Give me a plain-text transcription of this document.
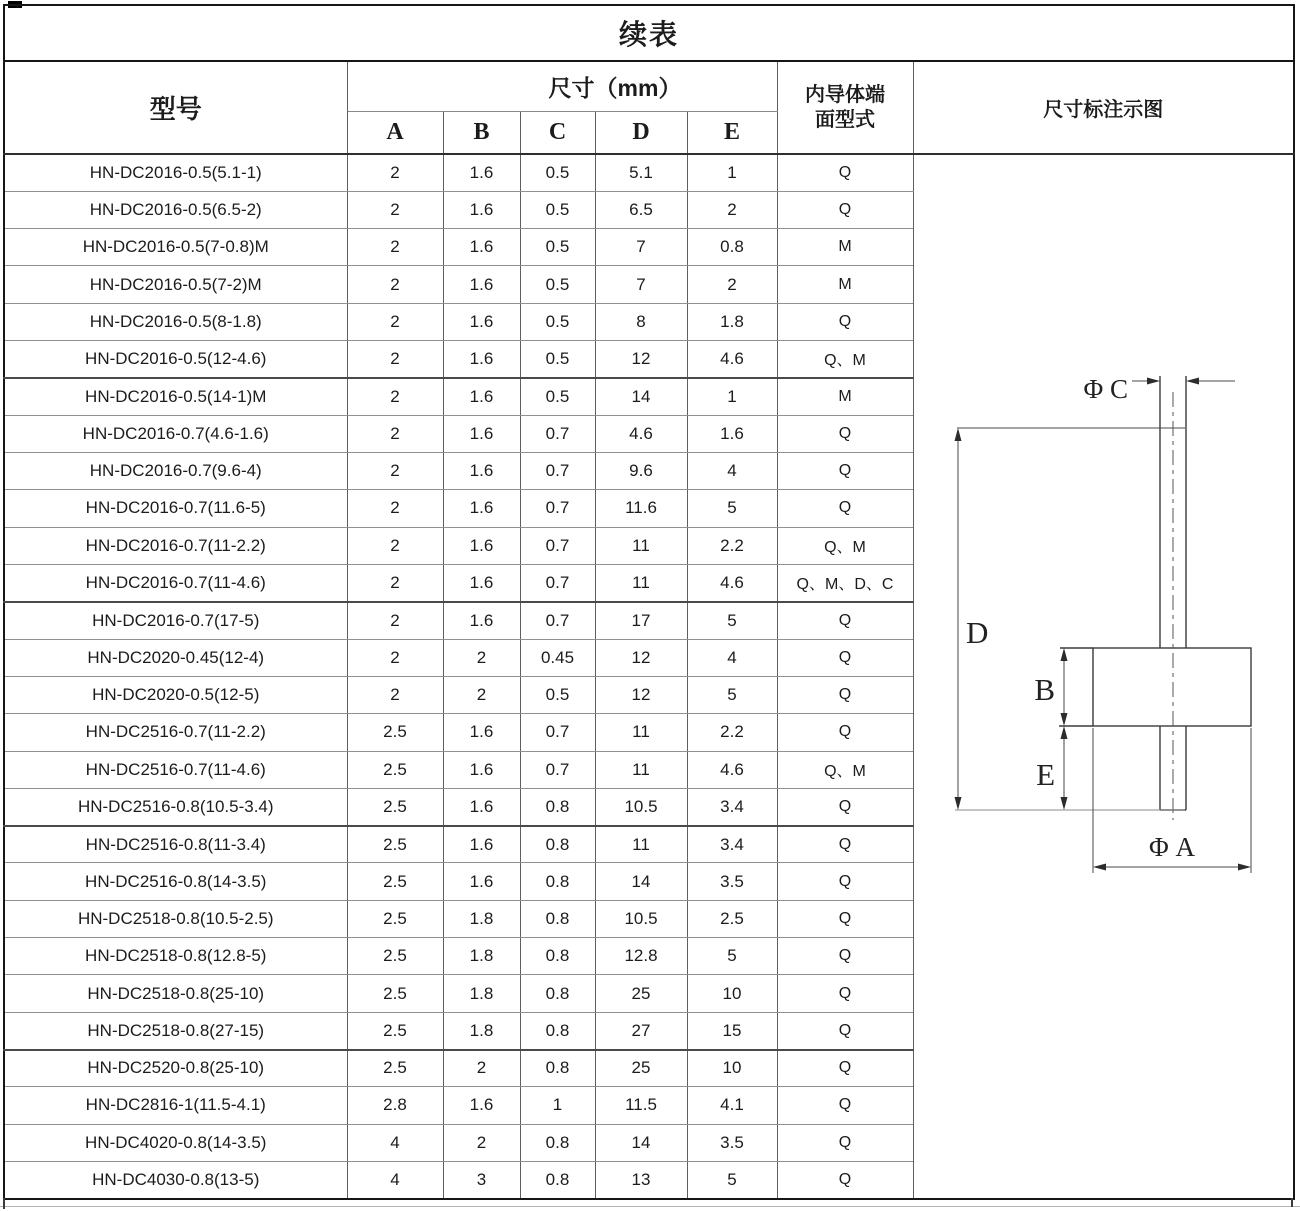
续表							
型号	尺寸（mm）					内导体端面型式	尺寸标注示图
	A	B	C	D	E		
HN-DC2016-0.5(5.1-1)	2	1.6	0.5	5.1	1	Q	Φ C
D
B
E
Φ A

HN-DC2016-0.5(6.5-2)	2	1.6	0.5	6.5	2	Q	
HN-DC2016-0.5(7-0.8)M	2	1.6	0.5	7	0.8	M	
HN-DC2016-0.5(7-2)M	2	1.6	0.5	7	2	M	
HN-DC2016-0.5(8-1.8)	2	1.6	0.5	8	1.8	Q	
HN-DC2016-0.5(12-4.6)	2	1.6	0.5	12	4.6	Q、M	
HN-DC2016-0.5(14-1)M	2	1.6	0.5	14	1	M	
HN-DC2016-0.7(4.6-1.6)	2	1.6	0.7	4.6	1.6	Q	
HN-DC2016-0.7(9.6-4)	2	1.6	0.7	9.6	4	Q	
HN-DC2016-0.7(11.6-5)	2	1.6	0.7	11.6	5	Q	
HN-DC2016-0.7(11-2.2)	2	1.6	0.7	11	2.2	Q、M	
HN-DC2016-0.7(11-4.6)	2	1.6	0.7	11	4.6	Q、M、D、C	
HN-DC2016-0.7(17-5)	2	1.6	0.7	17	5	Q	
HN-DC2020-0.45(12-4)	2	2	0.45	12	4	Q	
HN-DC2020-0.5(12-5)	2	2	0.5	12	5	Q	
HN-DC2516-0.7(11-2.2)	2.5	1.6	0.7	11	2.2	Q	
HN-DC2516-0.7(11-4.6)	2.5	1.6	0.7	11	4.6	Q、M	
HN-DC2516-0.8(10.5-3.4)	2.5	1.6	0.8	10.5	3.4	Q	
HN-DC2516-0.8(11-3.4)	2.5	1.6	0.8	11	3.4	Q	
HN-DC2516-0.8(14-3.5)	2.5	1.6	0.8	14	3.5	Q	
HN-DC2518-0.8(10.5-2.5)	2.5	1.8	0.8	10.5	2.5	Q	
HN-DC2518-0.8(12.8-5)	2.5	1.8	0.8	12.8	5	Q	
HN-DC2518-0.8(25-10)	2.5	1.8	0.8	25	10	Q	
HN-DC2518-0.8(27-15)	2.5	1.8	0.8	27	15	Q	
HN-DC2520-0.8(25-10)	2.5	2	0.8	25	10	Q	
HN-DC2816-1(11.5-4.1)	2.8	1.6	1	11.5	4.1	Q	
HN-DC4020-0.8(14-3.5)	4	2	0.8	14	3.5	Q	
HN-DC4030-0.8(13-5)	4	3	0.8	13	5	Q	
